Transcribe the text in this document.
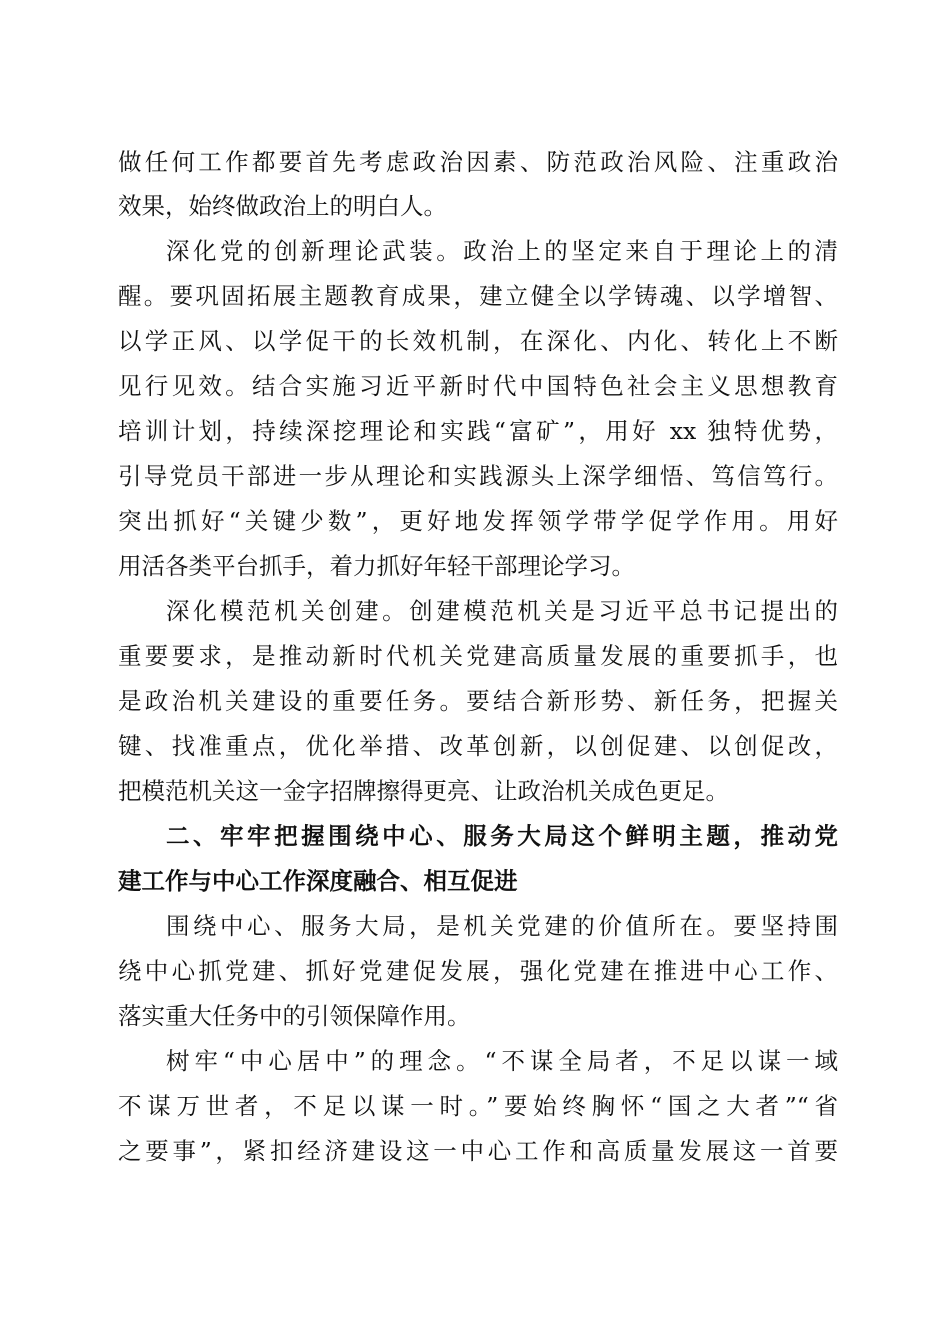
做任何工作都要首先考虑政治因素、防范政治风险、注重政治
效果，始终做政治上的明白人。
深化党的创新理论武装。政治上的坚定来自于理论上的清
醒。要巩固拓展主题教育成果，建立健全以学铸魂、以学增智、
以学正风、以学促干的长效机制，在深化、内化、转化上不断
见行见效。结合实施习近平新时代中国特色社会主义思想教育
培训计划，持续深挖理论和实践“富矿”，用好 xx 独特优势，
引导党员干部进一步从理论和实践源头上深学细悟、笃信笃行。
突出抓好“关键少数”，更好地发挥领学带学促学作用。用好
用活各类平台抓手，着力抓好年轻干部理论学习。
深化模范机关创建。创建模范机关是习近平总书记提出的
重要要求，是推动新时代机关党建高质量发展的重要抓手，也
是政治机关建设的重要任务。要结合新形势、新任务，把握关
键、找准重点，优化举措、改革创新，以创促建、以创促改，
把模范机关这一金字招牌擦得更亮、让政治机关成色更足。
二、牢牢把握围绕中心、服务大局这个鲜明主题，推动党
建工作与中心工作深度融合、相互促进
围绕中心、服务大局，是机关党建的价值所在。要坚持围
绕中心抓党建、抓好党建促发展，强化党建在推进中心工作、
落实重大任务中的引领保障作用。
树牢“中心居中”的理念。“不谋全局者，不足以谋一域
不谋万世者，不足以谋一时。”要始终胸怀“国之大者”“省
之要事”，紧扣经济建设这一中心工作和高质量发展这一首要
